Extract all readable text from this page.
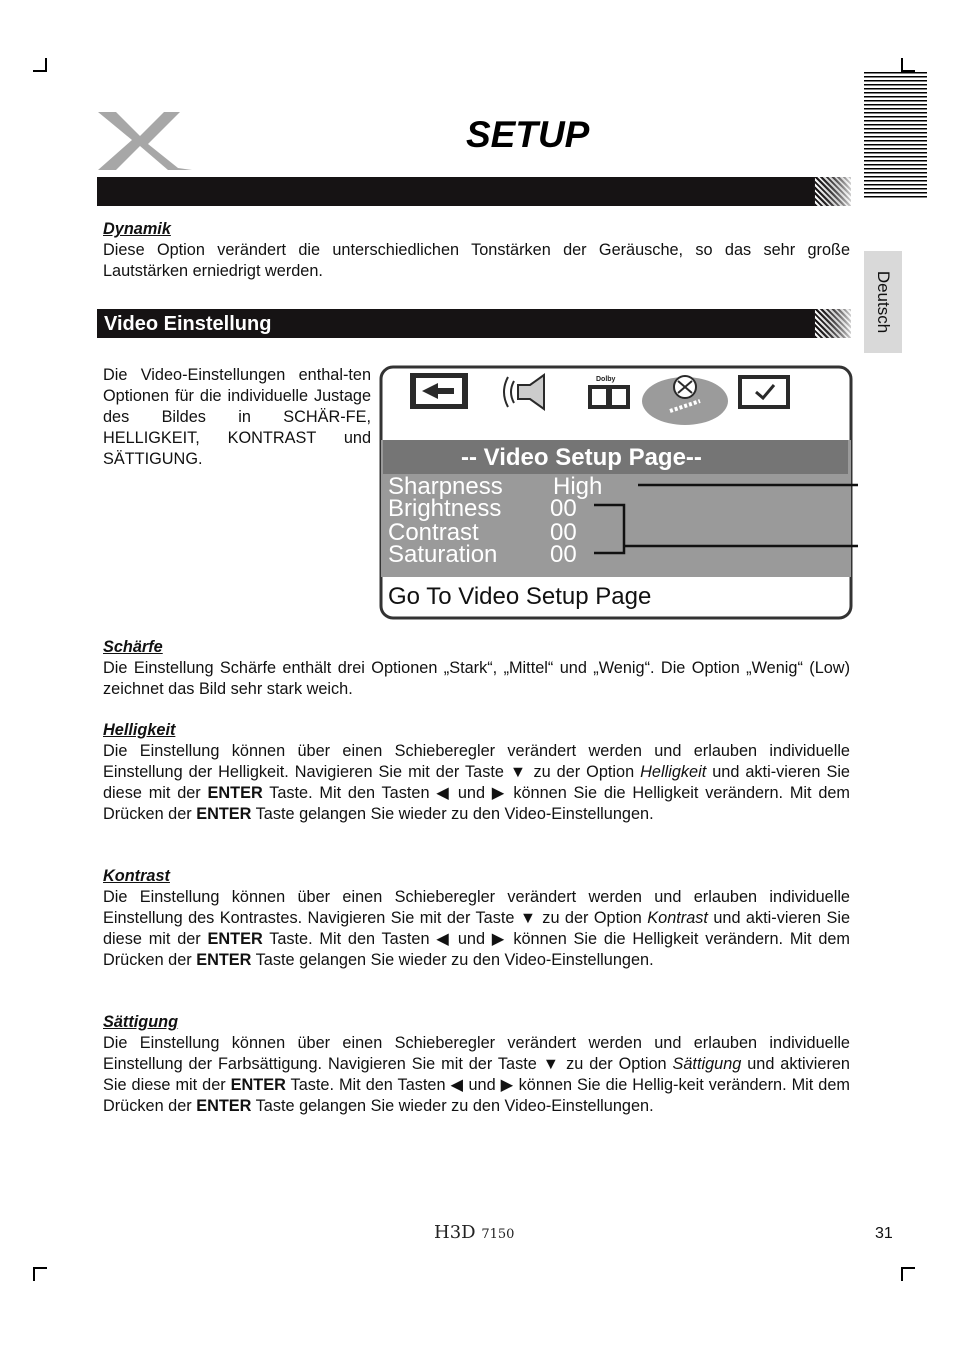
Deutsch
SETUP
Dynamik
Diese Option verändert die unterschiedlichen Tonstärken der Geräusche, so das sehr große Lautstärken erniedrigt werden.
Video Einstellung
Die Video-Einstellungen enthal-ten Optionen für die individuelle Justage des Bildes in SCHÄR-FE, HELLIGKEIT, KONTRAST und SÄTTIGUNG.
Dolby
-- Video Setup Page--
Sharpness High
Brightness 00
Contrast	00
Saturation 00
Go To Video Setup Page
Schärfe
Die Einstellung Schärfe enthält drei Optionen „Stark“, „Mittel“ und „Wenig“. Die Option „Wenig“ (Low) zeichnet das Bild sehr stark weich.
Helligkeit
Die Einstellung können über einen Schieberegler verändert werden und erlauben individuelle Einstellung der Helligkeit. Navigieren Sie mit der Taste ▼ zu der Option Helligkeit und akti-vieren Sie diese mit der ENTER Taste. Mit den Tasten ◀ und ▶ können Sie die Helligkeit verändern. Mit dem Drücken der ENTER Taste gelangen Sie wieder zu den Video-Einstellungen.
Kontrast
Die Einstellung können über einen Schieberegler verändert werden und erlauben individuelle Einstellung des Kontrastes. Navigieren Sie mit der Taste ▼ zu der Option Kontrast und akti-vieren Sie diese mit der ENTER Taste. Mit den Tasten ◀ und ▶ können Sie die Helligkeit verändern. Mit dem Drücken der ENTER Taste gelangen Sie wieder zu den Video-Einstellungen.
Sättigung
Die Einstellung können über einen Schieberegler verändert werden und erlauben individuelle Einstellung der Farbsättigung. Navigieren Sie mit der Taste ▼ zu der Option Sättigung und aktivieren Sie diese mit der ENTER Taste. Mit den Tasten ◀ und ▶ können Sie die Hellig-keit verändern. Mit dem Drücken der ENTER Taste gelangen Sie wieder zu den Video-Einstellungen.
H3D 7150	31
